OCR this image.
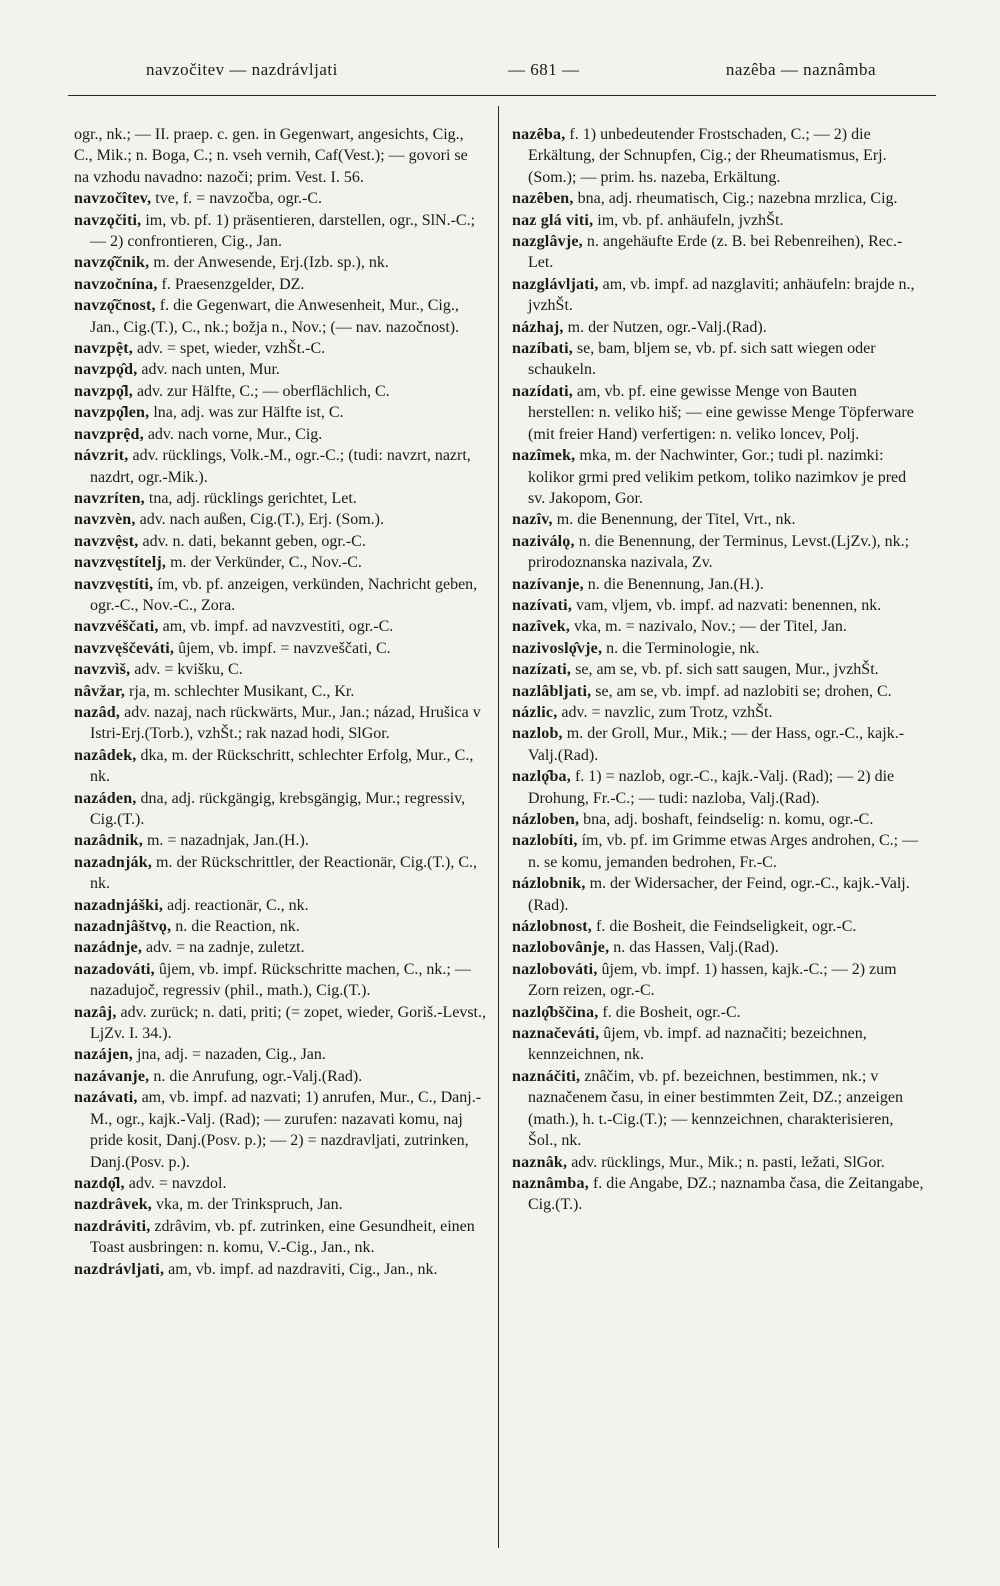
navzočitev — nazdrávljati	— 681 —	nazêba — naznâmba

ogr., nk.; — II. praep. c. gen. in Gegenwart, angesichts, Cig., C., Mik.; n. Boga, C.; n. vseh vernih, Caf(Vest.); — govori se na vzhodu navadno: nazoči; prim. Vest. I. 56.

navzočîtev, tve, f. = navzočba, ogr.-C.

navzǫčiti, im, vb. pf. 1) präsentieren, darstellen, ogr., SlN.-C.; — 2) confrontieren, Cig., Jan.

navzǫ̂čnik, m. der Anwesende, Erj.(Izb. sp.), nk.

navzočnína, f. Praesenzgelder, DZ.

navzǫ̂čnost, f. die Gegenwart, die Anwesenheit, Mur., Cig., Jan., Cig.(T.), C., nk.; božja n., Nov.; (— nav. nazočnost).

navzpệt, adv. = spet, wieder, vzhŠt.-C.

navzpǫ̂d, adv. nach unten, Mur.

navzpǫ̂l, adv. zur Hälfte, C.; — oberflächlich, C.

navzpǫ̂len, lna, adj. was zur Hälfte ist, C.

navzprệd, adv. nach vorne, Mur., Cig.

návzrit, adv. rücklings, Volk.-M., ogr.-C.; (tudi: navzrt, nazrt, nazdrt, ogr.-Mik.).

navzríten, tna, adj. rücklings gerichtet, Let.

navzvèn, adv. nach außen, Cig.(T.), Erj. (Som.).

navzvệst, adv. n. dati, bekannt geben, ogr.-C.

navzvęstítelj, m. der Verkünder, C., Nov.-C.

navzvęstíti, ím, vb. pf. anzeigen, verkünden, Nachricht geben, ogr.-C., Nov.-C., Zora.

navzvéščati, am, vb. impf. ad navzvestiti, ogr.-C.

navzvęščeváti, ûjem, vb. impf. = navzveščati, C.

navzvìš, adv. = kvišku, C.

nâvžar, rja, m. schlechter Musikant, C., Kr.

nazâd, adv. nazaj, nach rückwärts, Mur., Jan.; názad, Hrušica v Istri-Erj.(Torb.), vzhŠt.; rak nazad hodi, SlGor.

nazâdek, dka, m. der Rückschritt, schlechter Erfolg, Mur., C., nk.

nazáden, dna, adj. rückgängig, krebsgängig, Mur.; regressiv, Cig.(T.).

nazâdnik, m. = nazadnjak, Jan.(H.).

nazadnják, m. der Rückschrittler, der Reactionär, Cig.(T.), C., nk.

nazadnjáški, adj. reactionär, C., nk.

nazadnjâštvǫ, n. die Reaction, nk.

nazádnje, adv. = na zadnje, zuletzt.

nazadováti, ûjem, vb. impf. Rückschritte machen, C., nk.; — nazadujoč, regressiv (phil., math.), Cig.(T.).

nazâj, adv. zurück; n. dati, priti; (= zopet, wieder, Goriš.-Levst., LjZv. I. 34.).

nazájen, jna, adj. = nazaden, Cig., Jan.

nazávanje, n. die Anrufung, ogr.-Valj.(Rad).

nazávati, am, vb. impf. ad nazvati; 1) anrufen, Mur., C., Danj.-M., ogr., kajk.-Valj. (Rad); — zurufen: nazavati komu, naj pride kosit, Danj.(Posv. p.); — 2) = nazdravljati, zutrinken, Danj.(Posv. p.).

nazdǫ̂l, adv. = navzdol.

nazdrâvek, vka, m. der Trinkspruch, Jan.

nazdráviti, zdrâvim, vb. pf. zutrinken, eine Gesundheit, einen Toast ausbringen: n. komu, V.-Cig., Jan., nk.

nazdrávljati, am, vb. impf. ad nazdraviti, Cig., Jan., nk.

nazêba, f. 1) unbedeutender Frostschaden, C.; — 2) die Erkältung, der Schnupfen, Cig.; der Rheumatismus, Erj.(Som.); — prim. hs. nazeba, Erkältung.

nazêben, bna, adj. rheumatisch, Cig.; nazebna mrzlica, Cig.

naz glá viti, im, vb. pf. anhäufeln, jvzhŠt.

nazglâvje, n. angehäufte Erde (z. B. bei Rebenreihen), Rec.-Let.

nazglávljati, am, vb. impf. ad nazglaviti; anhäufeln: brajde n., jvzhŠt.

názhaj, m. der Nutzen, ogr.-Valj.(Rad).

nazíbati, se, bam, bljem se, vb. pf. sich satt wiegen oder schaukeln.

nazídati, am, vb. pf. eine gewisse Menge von Bauten herstellen: n. veliko hiš; — eine gewisse Menge Töpferware (mit freier Hand) verfertigen: n. veliko loncev, Polj.

nazîmek, mka, m. der Nachwinter, Gor.; tudi pl. nazimki: kolikor grmi pred velikim petkom, toliko nazimkov je pred sv. Jakopom, Gor.

nazîv, m. die Benennung, der Titel, Vrt., nk.

naziválǫ, n. die Benennung, der Terminus, Levst.(LjZv.), nk.; prirodoznanska nazivala, Zv.

nazívanje, n. die Benennung, Jan.(H.).

nazívati, vam, vljem, vb. impf. ad nazvati: benennen, nk.

nazîvek, vka, m. = nazivalo, Nov.; — der Titel, Jan.

nazivoslǫ̂vje, n. die Terminologie, nk.

nazízati, se, am se, vb. pf. sich satt saugen, Mur., jvzhŠt.

nazlâbljati, se, am se, vb. impf. ad nazlobiti se; drohen, C.

názlic, adv. = navzlic, zum Trotz, vzhŠt.

nazlob, m. der Groll, Mur., Mik.; — der Hass, ogr.-C., kajk.-Valj.(Rad).

nazlǫ̂ba, f. 1) = nazlob, ogr.-C., kajk.-Valj. (Rad); — 2) die Drohung, Fr.-C.; — tudi: nazloba, Valj.(Rad).

názloben, bna, adj. boshaft, feindselig: n. komu, ogr.-C.

nazlobíti, ím, vb. pf. im Grimme etwas Arges androhen, C.; — n. se komu, jemanden bedrohen, Fr.-C.

názlobnik, m. der Widersacher, der Feind, ogr.-C., kajk.-Valj.(Rad).

názlobnost, f. die Bosheit, die Feindseligkeit, ogr.-C.

nazlobovânje, n. das Hassen, Valj.(Rad).

nazlobováti, ûjem, vb. impf. 1) hassen, kajk.-C.; — 2) zum Zorn reizen, ogr.-C.

nazlǫ̂bščina, f. die Bosheit, ogr.-C.

naznačeváti, ûjem, vb. impf. ad naznačiti; bezeichnen, kennzeichnen, nk.

naznáčiti, znâčim, vb. pf. bezeichnen, bestimmen, nk.; v naznačenem času, in einer bestimmten Zeit, DZ.; anzeigen (math.), h. t.-Cig.(T.); — kennzeichnen, charakterisieren, Šol., nk.

naznâk, adv. rücklings, Mur., Mik.; n. pasti, ležati, SlGor.

naznâmba, f. die Angabe, DZ.; naznamba časa, die Zeitangabe, Cig.(T.).
